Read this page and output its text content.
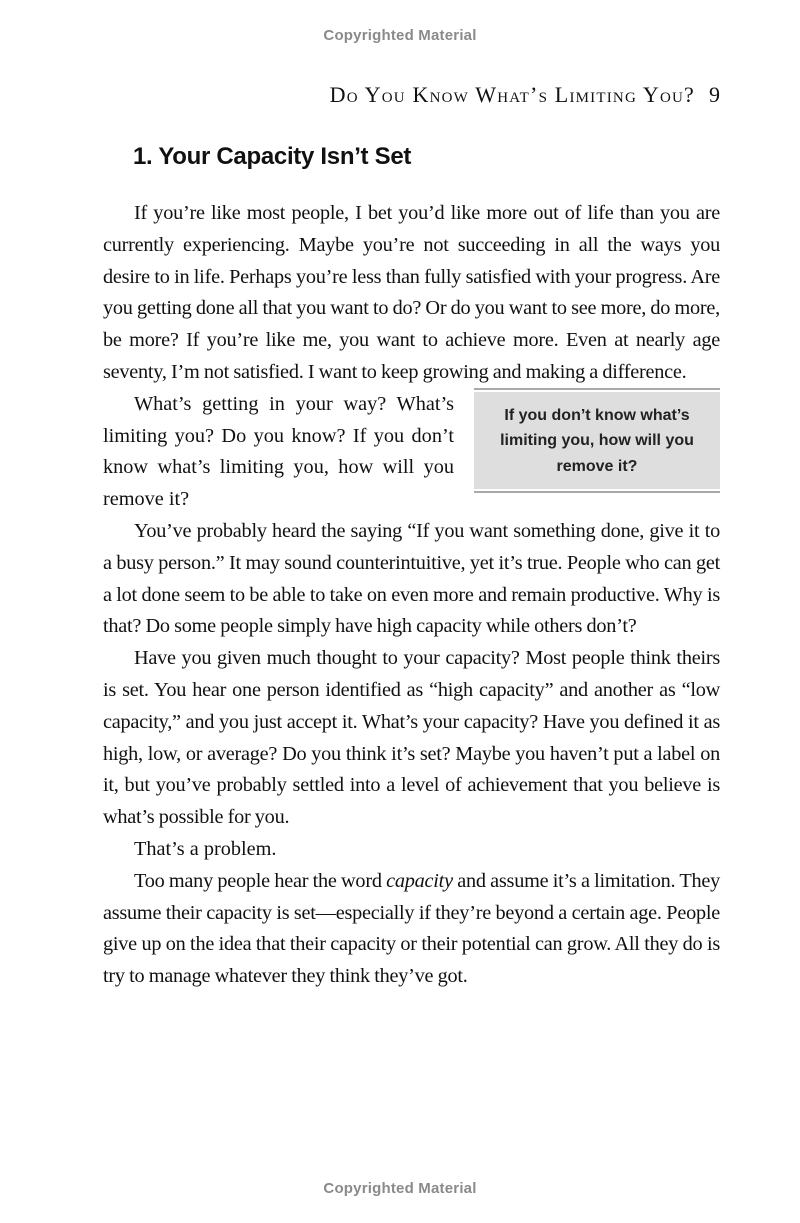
Copyrighted Material
Do You Know What’s Limiting You? 9
1. Your Capacity Isn’t Set

If you’re like most people, I bet you’d like more out of life than you are currently experiencing. Maybe you’re not succeeding in all the ways you desire to in life. Perhaps you’re less than fully satisfied with your progress. Are you getting done all that you want to do? Or do you want to see more, do more, be more? If you’re like me, you want to achieve more. Even at nearly age seventy, I’m not satisfied. I want to keep growing and making a difference.

If you don’t know what’s limiting you, how will you remove it?

What’s getting in your way? What’s limiting you? Do you know? If you don’t know what’s limiting you, how will you remove it?

You’ve probably heard the saying “If you want something done, give it to a busy person.” It may sound counterintuitive, yet it’s true. People who can get a lot done seem to be able to take on even more and remain productive. Why is that? Do some people simply have high capacity while others don’t?

Have you given much thought to your capacity? Most people think theirs is set. You hear one person identified as “high capacity” and another as “low capacity,” and you just accept it. What’s your capacity? Have you defined it as high, low, or average? Do you think it’s set? Maybe you haven’t put a label on it, but you’ve probably settled into a level of achievement that you believe is what’s possible for you.

That’s a problem.

Too many people hear the word capacity and assume it’s a limitation. They assume their capacity is set—especially if they’re beyond a certain age. People give up on the idea that their capacity or their potential can grow. All they do is try to manage whatever they think they’ve got.

Copyrighted Material
